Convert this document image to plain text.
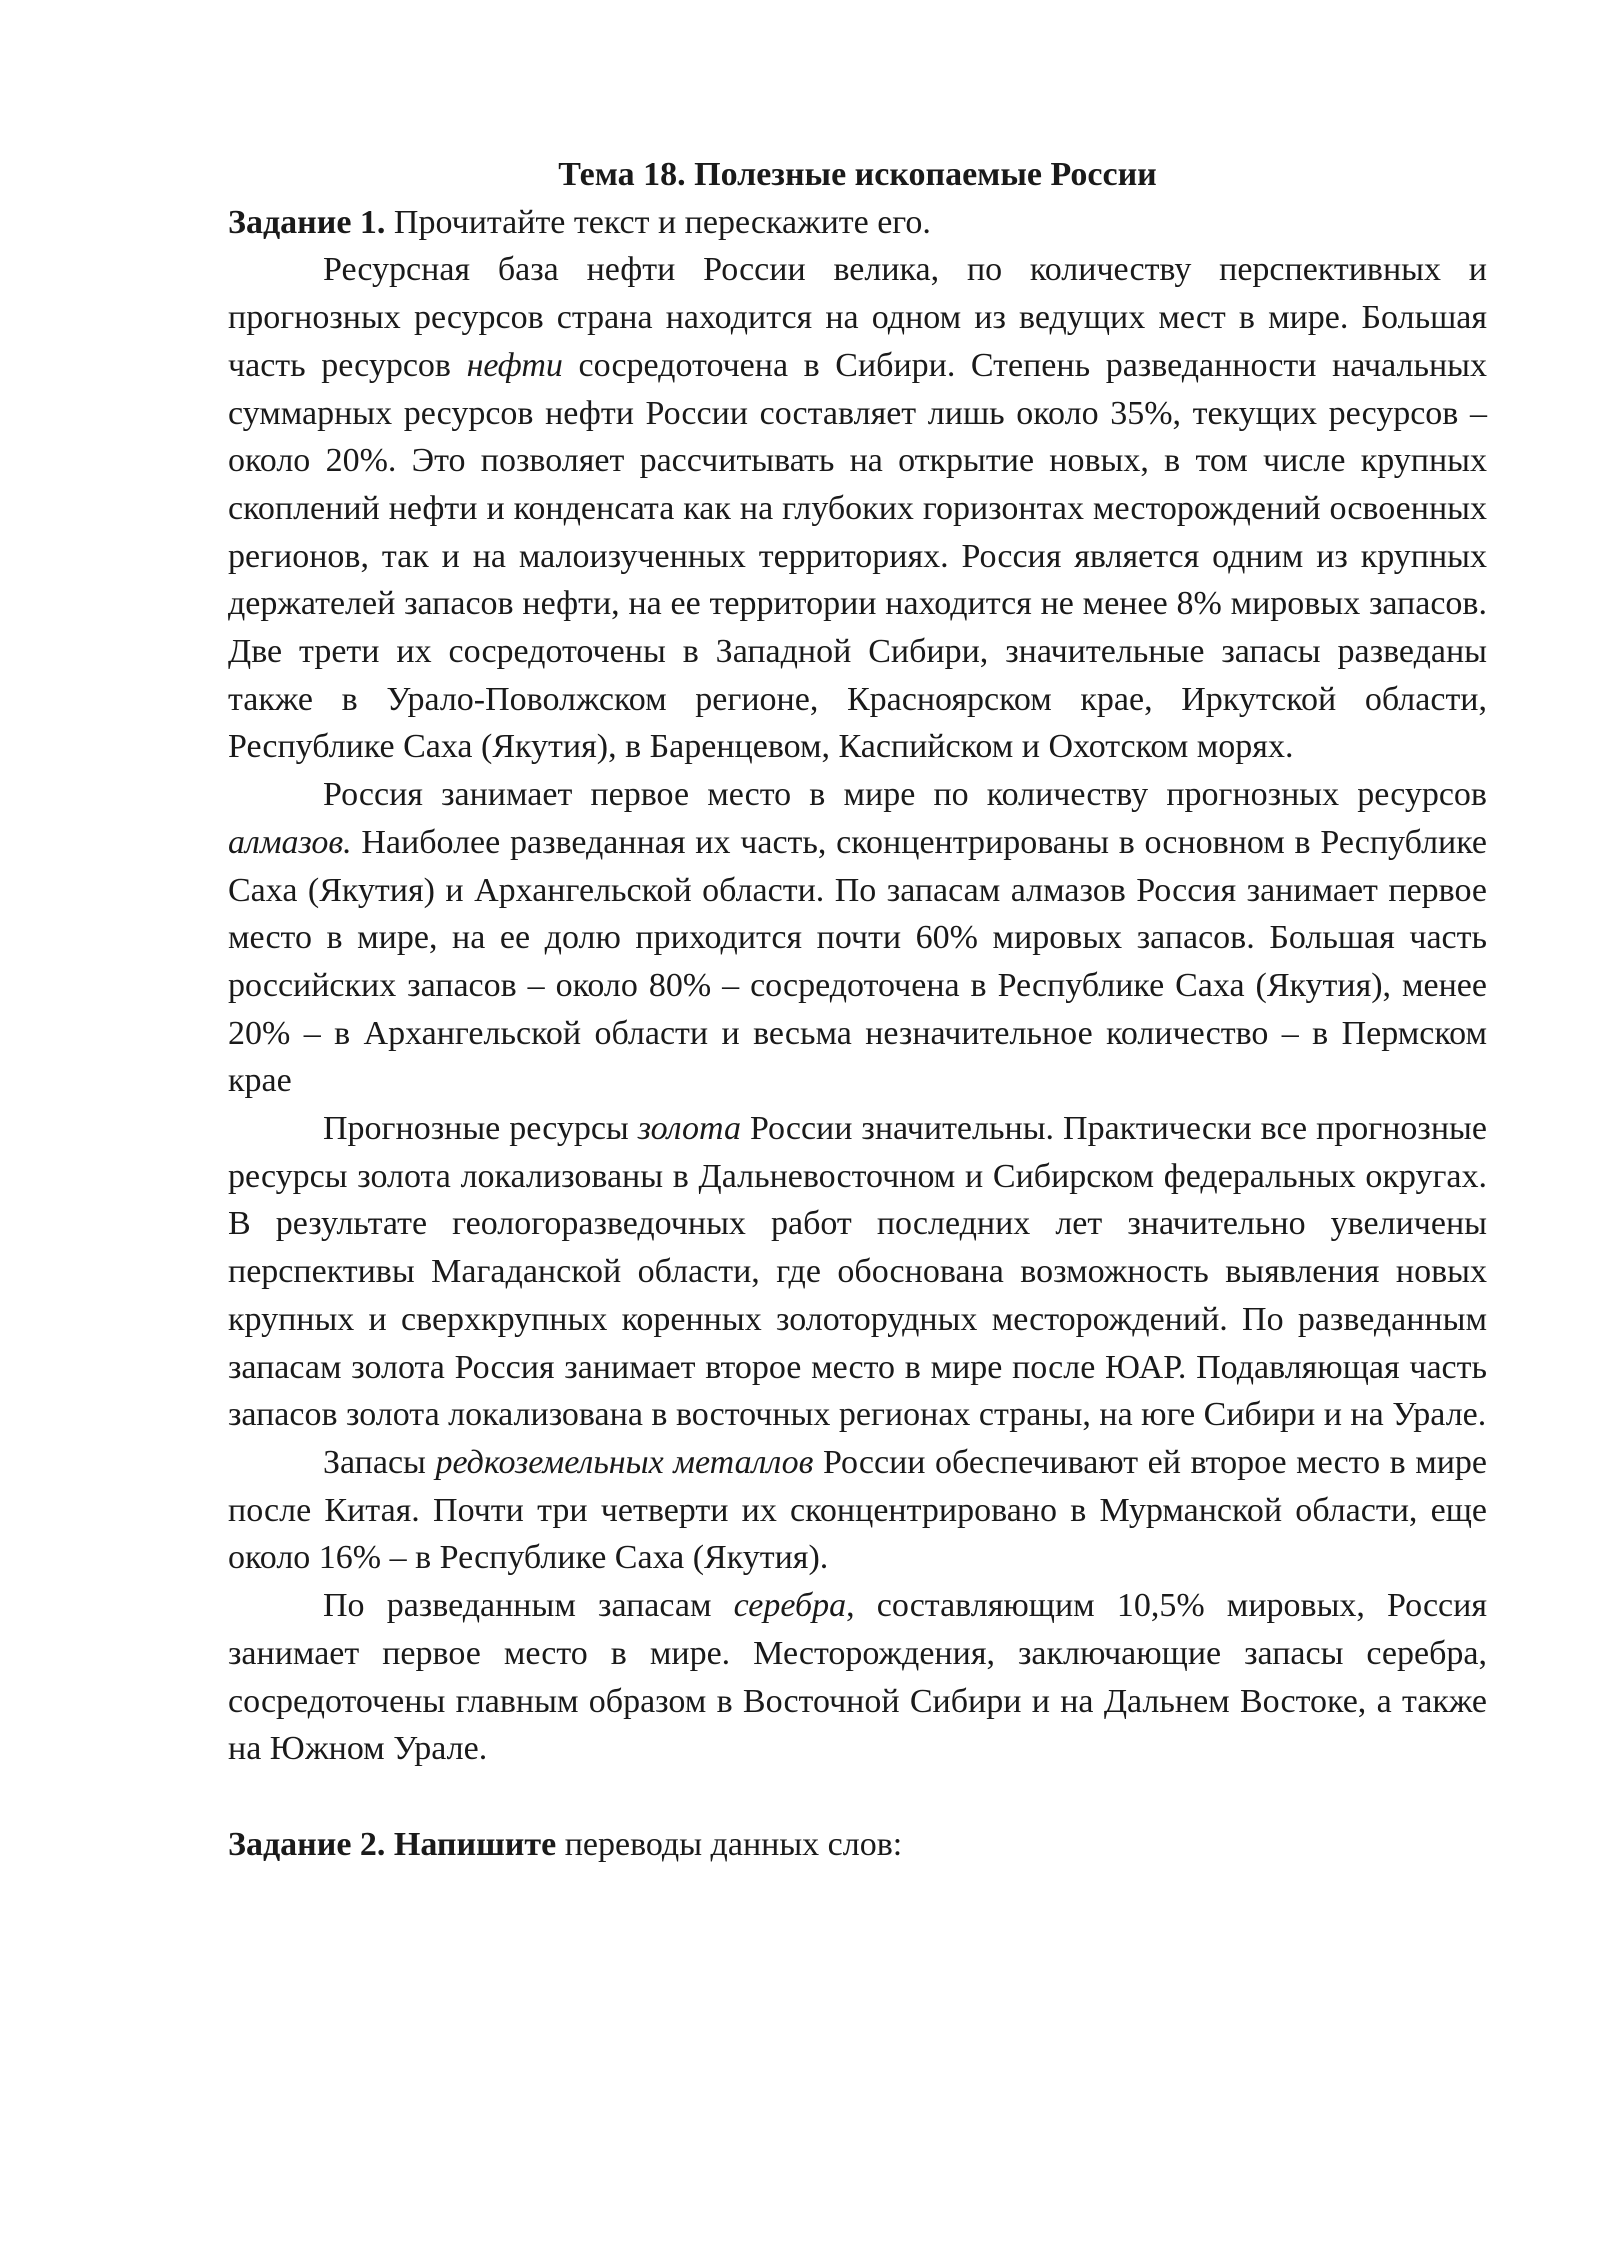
Тема 18. Полезные ископаемые России

Задание 1. Прочитайте текст и перескажите его.

Ресурсная база нефти России велика, по количеству перспективных и прогнозных ресурсов страна находится на одном из ведущих мест в мире. Большая часть ресурсов нефти сосредоточена в Сибири. Степень разведанности начальных суммарных ресурсов нефти России составляет лишь около 35%, текущих ресурсов – около 20%. Это позволяет рассчитывать на открытие новых, в том числе крупных скоплений нефти и конденсата как на глубоких горизонтах месторождений освоенных регионов, так и на малоизученных территориях. Россия является одним из крупных держателей запасов нефти, на ее территории находится не менее 8% мировых запасов. Две трети их сосредоточены в Западной Сибири, значительные запасы разведаны также в Урало-Поволжском регионе, Красноярском крае, Иркутской области, Республике Саха (Якутия), в Баренцевом, Каспийском и Охотском морях.

Россия занимает первое место в мире по количеству прогнозных ресурсов алмазов. Наиболее разведанная их часть, сконцентрированы в основном в Республике Саха (Якутия) и Архангельской области. По запасам алмазов Россия занимает первое место в мире, на ее долю приходится почти 60% мировых запасов. Большая часть российских запасов – около 80% – сосредоточена в Республике Саха (Якутия), менее 20% – в Архангельской области и весьма незначительное количество – в Пермском крае

Прогнозные ресурсы золота России значительны. Практически все прогнозные ресурсы золота локализованы в Дальневосточном и Сибирском федеральных округах. В результате геологоразведочных работ последних лет значительно увеличены перспективы Магаданской области, где обоснована возможность выявления новых крупных и сверхкрупных коренных золоторудных месторождений. По разведанным запасам золота Россия занимает второе место в мире после ЮАР. Подавляющая часть запасов золота локализована в восточных регионах страны, на юге Сибири и на Урале.

Запасы редкоземельных металлов России обеспечивают ей второе место в мире после Китая. Почти три четверти их сконцентрировано в Мурманской области, еще около 16% – в Республике Саха (Якутия).

По разведанным запасам серебра, составляющим 10,5% мировых, Россия занимает первое место в мире. Месторождения, заключающие запасы серебра, сосредоточены главным образом в Восточной Сибири и на Дальнем Востоке, а также на Южном Урале.

Задание 2. Напишите переводы данных слов:
